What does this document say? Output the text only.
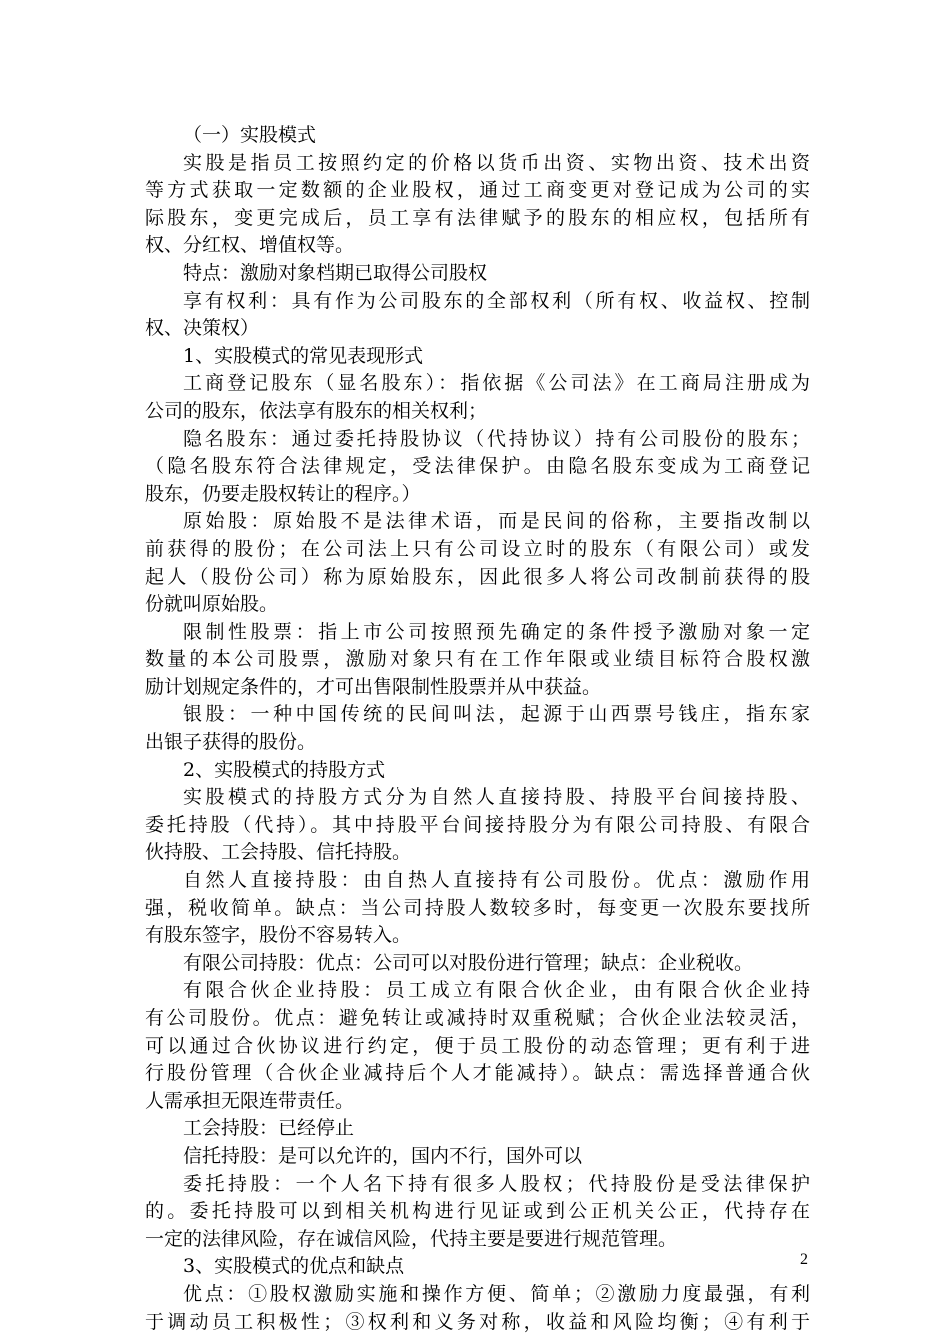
（一）实股模式
实股是指员工按照约定的价格以货币出资、实物出资、技术出资
等方式获取一定数额的企业股权，通过工商变更对登记成为公司的实
际股东，变更完成后，员工享有法律赋予的股东的相应权，包括所有
权、分红权、增值权等。
特点：激励对象档期已取得公司股权
享有权利：具有作为公司股东的全部权利（所有权、收益权、控制
权、决策权）
1、实股模式的常见表现形式
工商登记股东（显名股东）：指依据《公司法》在工商局注册成为
公司的股东，依法享有股东的相关权利；
隐名股东：通过委托持股协议（代持协议）持有公司股份的股东；
（隐名股东符合法律规定，受法律保护。由隐名股东变成为工商登记
股东，仍要走股权转让的程序。）
原始股：原始股不是法律术语，而是民间的俗称，主要指改制以
前获得的股份；在公司法上只有公司设立时的股东（有限公司）或发
起人（股份公司）称为原始股东，因此很多人将公司改制前获得的股
份就叫原始股。
限制性股票：指上市公司按照预先确定的条件授予激励对象一定
数量的本公司股票，激励对象只有在工作年限或业绩目标符合股权激
励计划规定条件的，才可出售限制性股票并从中获益。
银股：一种中国传统的民间叫法，起源于山西票号钱庄，指东家
出银子获得的股份。
2、实股模式的持股方式
实股模式的持股方式分为自然人直接持股、持股平台间接持股、
委托持股（代持）。其中持股平台间接持股分为有限公司持股、有限合
伙持股、工会持股、信托持股。
自然人直接持股：由自热人直接持有公司股份。优点：激励作用
强，税收简单。缺点：当公司持股人数较多时，每变更一次股东要找所
有股东签字，股份不容易转入。
有限公司持股：优点：公司可以对股份进行管理；缺点：企业税收。
有限合伙企业持股：员工成立有限合伙企业，由有限合伙企业持
有公司股份。优点：避免转让或减持时双重税赋；合伙企业法较灵活，
可以通过合伙协议进行约定，便于员工股份的动态管理；更有利于进
行股份管理（合伙企业减持后个人才能减持）。缺点：需选择普通合伙
人需承担无限连带责任。
工会持股：已经停止
信托持股：是可以允许的，国内不行，国外可以
委托持股：一个人名下持有很多人股权；代持股份是受法律保护
的。委托持股可以到相关机构进行见证或到公正机关公正，代持存在
一定的法律风险，存在诚信风险，代持主要是要进行规范管理。
3、实股模式的优点和缺点
优点：①股权激励实施和操作方便、简单；②激励力度最强，有利
于调动员工积极性；③权利和义务对称，收益和风险均衡；④有利于
2
